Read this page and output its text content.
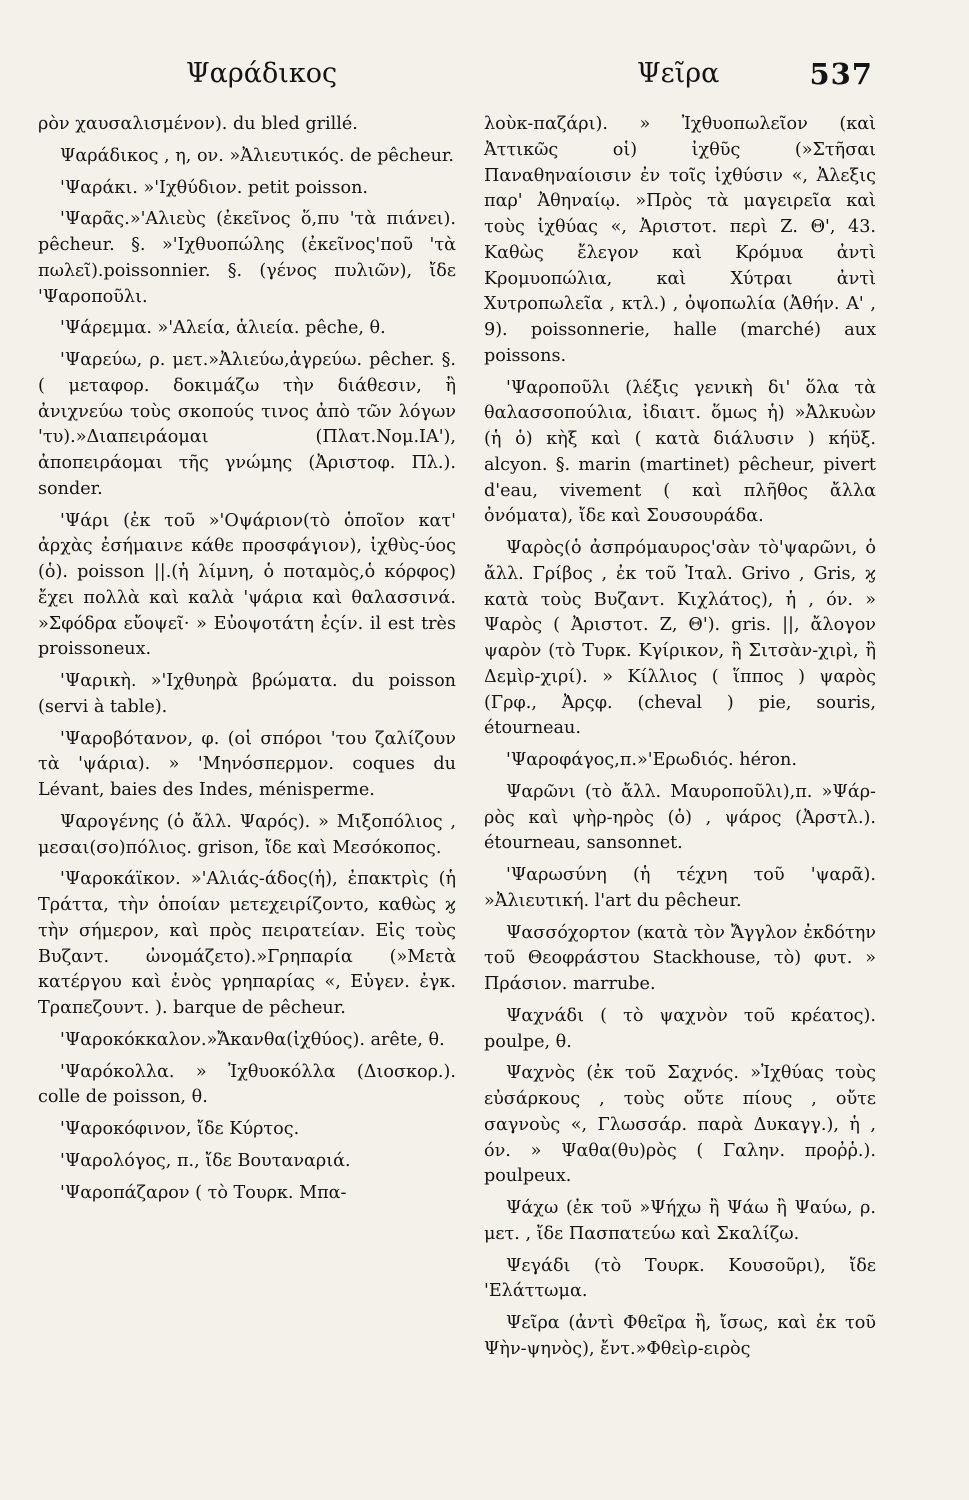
Ψαράδικος	Ψεῖρα	537

ρὸν χαυσαλισμένον). du bled grillé.

Ψαράδικος , η, ον. »Ἀλιευτικός. de pêcheur.

'Ψαράκι. »'Ιχθύδιον. petit poisson.

'Ψαρᾶς.»'Αλιεὺς (ἐκεῖνος ὅ,πυ 'τὰ πιάνει). pêcheur. §. »'Ιχθυοπώλης (ἐκεῖνος'ποῦ 'τὰ πωλεῖ).poissonnier. §. (γένος πυλιῶν), ἴδε 'Ψαροποῦλι.

'Ψάρεμμα. »'Αλεία, ἁλιεία. pêche, θ.

'Ψαρεύω, ρ. μετ.»Ἀλιεύω,ἀγρεύω. pêcher. §. ( μεταφορ. δοκιμάζω τὴν διάθεσιν, ἢ ἀνιχνεύω τοὺς σκοπούς τινος ἀπὸ τῶν λόγων 'τυ).»Διαπειράομαι (Πλατ.Νομ.ΙΑ'), ἀποπειράομαι τῆς γνώμης (Ἀριστοφ. Πλ.). sonder.

'Ψάρι (ἐκ τοῦ »'Οψάριον(τὸ ὁποῖον κατ' ἀρχὰς ἐσήμαινε κάθε προσφάγιον), ἰχθὺς-ύος (ὁ). poisson ||.(ἡ λίμνη, ὁ ποταμὸς,ὁ κόρφος) ἔχει πολλὰ καὶ καλὰ 'ψάρια καὶ θαλασσινά. »Σφόδρα εὔοψεῖ· » Εὐοψοτάτη ἐςίν. il est très proissoneux.

'Ψαρικὴ. »'Ιχθυηρὰ βρώματα. du poisson (servi à table).

'Ψαροβότανον, φ. (οἱ σπόροι 'του ζαλίζουν τὰ 'ψάρια). » 'Μηνόσπερμον. coques du Lévant, baies des Indes, ménisperme.

Ψαρογένης (ὁ ἄλλ. Ψαρός). » Μιξοπόλιος , μεσαι(σο)πόλιος. grison, ἴδε καὶ Μεσόκοπος.

'Ψαροκάϊκον. »'Αλιάς-άδος(ἡ), ἐπακτρὶς (ἡ Τράττα, τὴν ὁποίαν μετεχειρίζοντο, καθὼς ϗ τὴν σήμερον, καὶ πρὸς πειρατείαν. Εἰς τοὺς Βυζαντ. ὠνομάζετο).»Γρηπαρία (»Μετὰ κατέργου καὶ ἑνὸς γρηπαρίας «, Εὐγεν. ἐγκ. Τραπεζουντ. ). barque de pêcheur.

'Ψαροκόκκαλον.»Ἄκανθα(ἰχθύος). arête, θ.

'Ψαρόκολλα. » Ἰχθυοκόλλα (Διοσκορ.). colle de poisson, θ.

'Ψαροκόφινον, ἴδε Κύρτος.

'Ψαρολόγος, π., ἴδε Βουταναριά.

'Ψαροπάζαρον ( τὸ Τουρκ. Μπα-

λοὺκ-παζάρι). » Ἰχθυοπωλεῖον (καὶ Ἀττικῶς οἱ) ἰχθῦς (»Στῆσαι Παναθηναίοισιν ἐν τοῖς ἰχθύσιν «, Ἀλεξις παρ' Ἀθηναίῳ. »Πρὸς τὰ μαγειρεῖα καὶ τοὺς ἰχθύας «, Ἀριστοτ. περὶ Ζ. Θ', 43. Καθὼς ἔλεγον καὶ Κρόμυα ἀντὶ Κρομυοπώλια, καὶ Χύτραι ἀντὶ Χυτροπωλεῖα , κτλ.) , ὀψοπωλία (Ἀθήν. Α' , 9). poissonnerie, halle (marché) aux poissons.

'Ψαροποῦλι (λέξις γενικὴ δι' ὅλα τὰ θαλασσοπούλια, ἰδιαιτ. ὅμως ἡ) »Ἀλκυὼν (ἡ ὁ) κὴξ καὶ ( κατὰ διάλυσιν ) κήϋξ. alcyon. §. marin (martinet) pêcheur, pivert d'eau, vivement ( καὶ πλῆθος ἄλλα ὀνόματα), ἴδε καὶ Σουσουράδα.

Ψαρὸς(ὁ ἀσπρόμαυρος'σὰν τὸ'ψαρῶνι, ὁ ἄλλ. Γρίβος , ἐκ τοῦ Ἰταλ. Grivo , Gris, ϗ κατὰ τοὺς Βυζαντ. Κιχλάτος), ἡ , όν. » Ψαρὸς ( Ἀριστοτ. Ζ, Θ'). gris. ||, ἄλογον ψαρὸν (τὸ Τυρκ. Κγίρικον, ἢ Σιτσὰν-χιρὶ, ἢ Δεμὶρ-χιρί). » Κίλλιος ( ἵππος ) ψαρὸς (Γρφ., Ἀρςφ. (cheval ) pie, souris, étourneau.

'Ψαροφάγος,π.»'Ερωδιός. héron.

Ψαρῶνι (τὸ ἄλλ. Μαυροποῦλι),π. »Ψάρ-ρὸς καὶ ψὴρ-ηρὸς (ὁ) , ψάρος (Ἀρστλ.). étourneau, sansonnet.

'Ψαρωσύνη (ἡ τέχνη τοῦ 'ψαρᾶ). »Ἀλιευτική. l'art du pêcheur.

Ψασσόχορτον (κατὰ τὸν Ἄγγλον ἐκδότην τοῦ Θεοφράστου Stackhouse, τὸ) φυτ. » Πράσιον. marrube.

Ψαχνάδι ( τὸ ψαχνὸν τοῦ κρέατος). poulpe, θ.

Ψαχνὸς (ἐκ τοῦ Σαχνός. »Ἰχθύας τοὺς εὐσάρκους , τοὺς οὔτε πίους , οὔτε σαγνοὺς «, Γλωσσάρ. παρὰ Δυκαγγ.), ἡ , όν. » Ψαθα(θυ)ρὸς ( Γαλην. προῤῥ.). poulpeux.

Ψάχω (ἐκ τοῦ »Ψήχω ἢ Ψάω ἢ Ψαύω, ρ. μετ. , ἴδε Πασπατεύω καὶ Σκαλίζω.

Ψεγάδι (τὸ Τουρκ. Κουσοῦρι), ἴδε 'Ελάττωμα.

Ψεῖρα (ἀντὶ Φθεῖρα ἢ, ἴσως, καὶ ἐκ τοῦ Ψὴν-ψηνὸς), ἔντ.»Φθεὶρ-ειρὸς
